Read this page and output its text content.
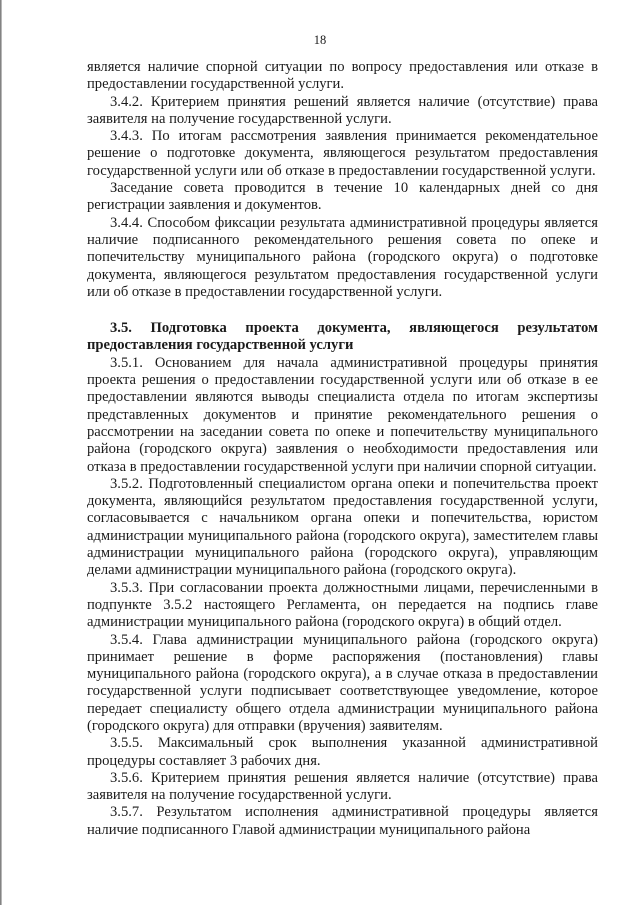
18

является наличие спорной ситуации по вопросу предоставления или отказе в предоставлении государственной услуги.

3.4.2. Критерием принятия решений является наличие (отсутствие) права заявителя на получение государственной услуги.

3.4.3. По итогам рассмотрения заявления принимается рекомендательное решение о подготовке документа, являющегося результатом предоставления государственной услуги или об отказе в предоставлении государственной услуги.

Заседание совета проводится в течение 10 календарных дней со дня регистрации заявления и документов.

3.4.4. Способом фиксации результата административной процедуры является наличие подписанного рекомендательного решения совета по опеке и попечительству муниципального района (городского округа) о подготовке документа, являющегося результатом предоставления государственной услуги или об отказе в предоставлении государственной услуги.

3.5. Подготовка проекта документа, являющегося результатом предоставления государственной услуги

3.5.1. Основанием для начала административной процедуры принятия проекта решения о предоставлении государственной услуги или об отказе в ее предоставлении являются выводы специалиста отдела по итогам экспертизы представленных документов и принятие рекомендательного решения о рассмотрении на заседании совета по опеке и попечительству муниципального района (городского округа) заявления о необходимости предоставления или отказа в предоставлении государственной услуги при наличии спорной ситуации.

3.5.2. Подготовленный специалистом органа опеки и попечительства проект документа, являющийся результатом предоставления государственной услуги, согласовывается с начальником органа опеки и попечительства, юристом администрации муниципального района (городского округа), заместителем главы администрации муниципального района (городского округа), управляющим делами администрации муниципального района (городского округа).

3.5.3. При согласовании проекта должностными лицами, перечисленными в подпункте 3.5.2 настоящего Регламента, он передается на подпись главе администрации муниципального района (городского округа) в общий отдел.

3.5.4. Глава администрации муниципального района (городского округа) принимает решение в форме распоряжения (постановления) главы муниципального района (городского округа), а в случае отказа в предоставлении государственной услуги подписывает соответствующее уведомление, которое передает специалисту общего отдела администрации муниципального района (городского округа) для отправки (вручения) заявителям.

3.5.5. Максимальный срок выполнения указанной административной процедуры составляет 3 рабочих дня.

3.5.6. Критерием принятия решения является наличие (отсутствие) права заявителя на получение государственной услуги.

3.5.7. Результатом исполнения административной процедуры является наличие подписанного Главой администрации муниципального района
